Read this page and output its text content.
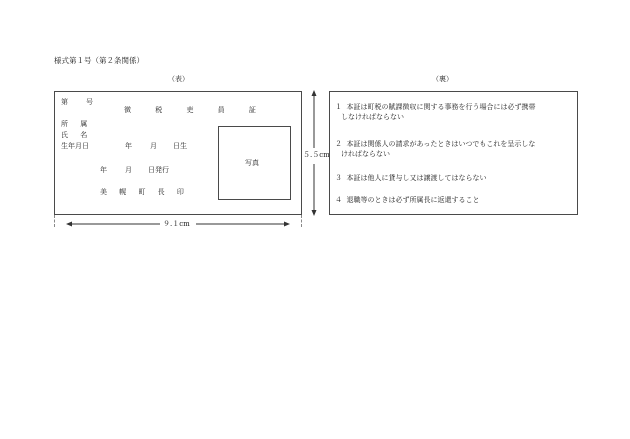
様式第１号（第２条関係）
（表）	（裏）
第	号
徴 税 吏 員 証
所 属
氏 名
生年月日	年	月 日生
年	月 日発行
美 幌 町 長 印
写真
９.１cm
５.５cm
１ 本証は町税の賦課徴収に関する事務を行う場合には必ず携帯
しなければならない
２ 本証は関係人の請求があったときはいつでもこれを呈示しな
ければならない
３ 本証は他人に貸与し又は譲渡してはならない
４ 退職等のときは必ず所属長に返還すること
